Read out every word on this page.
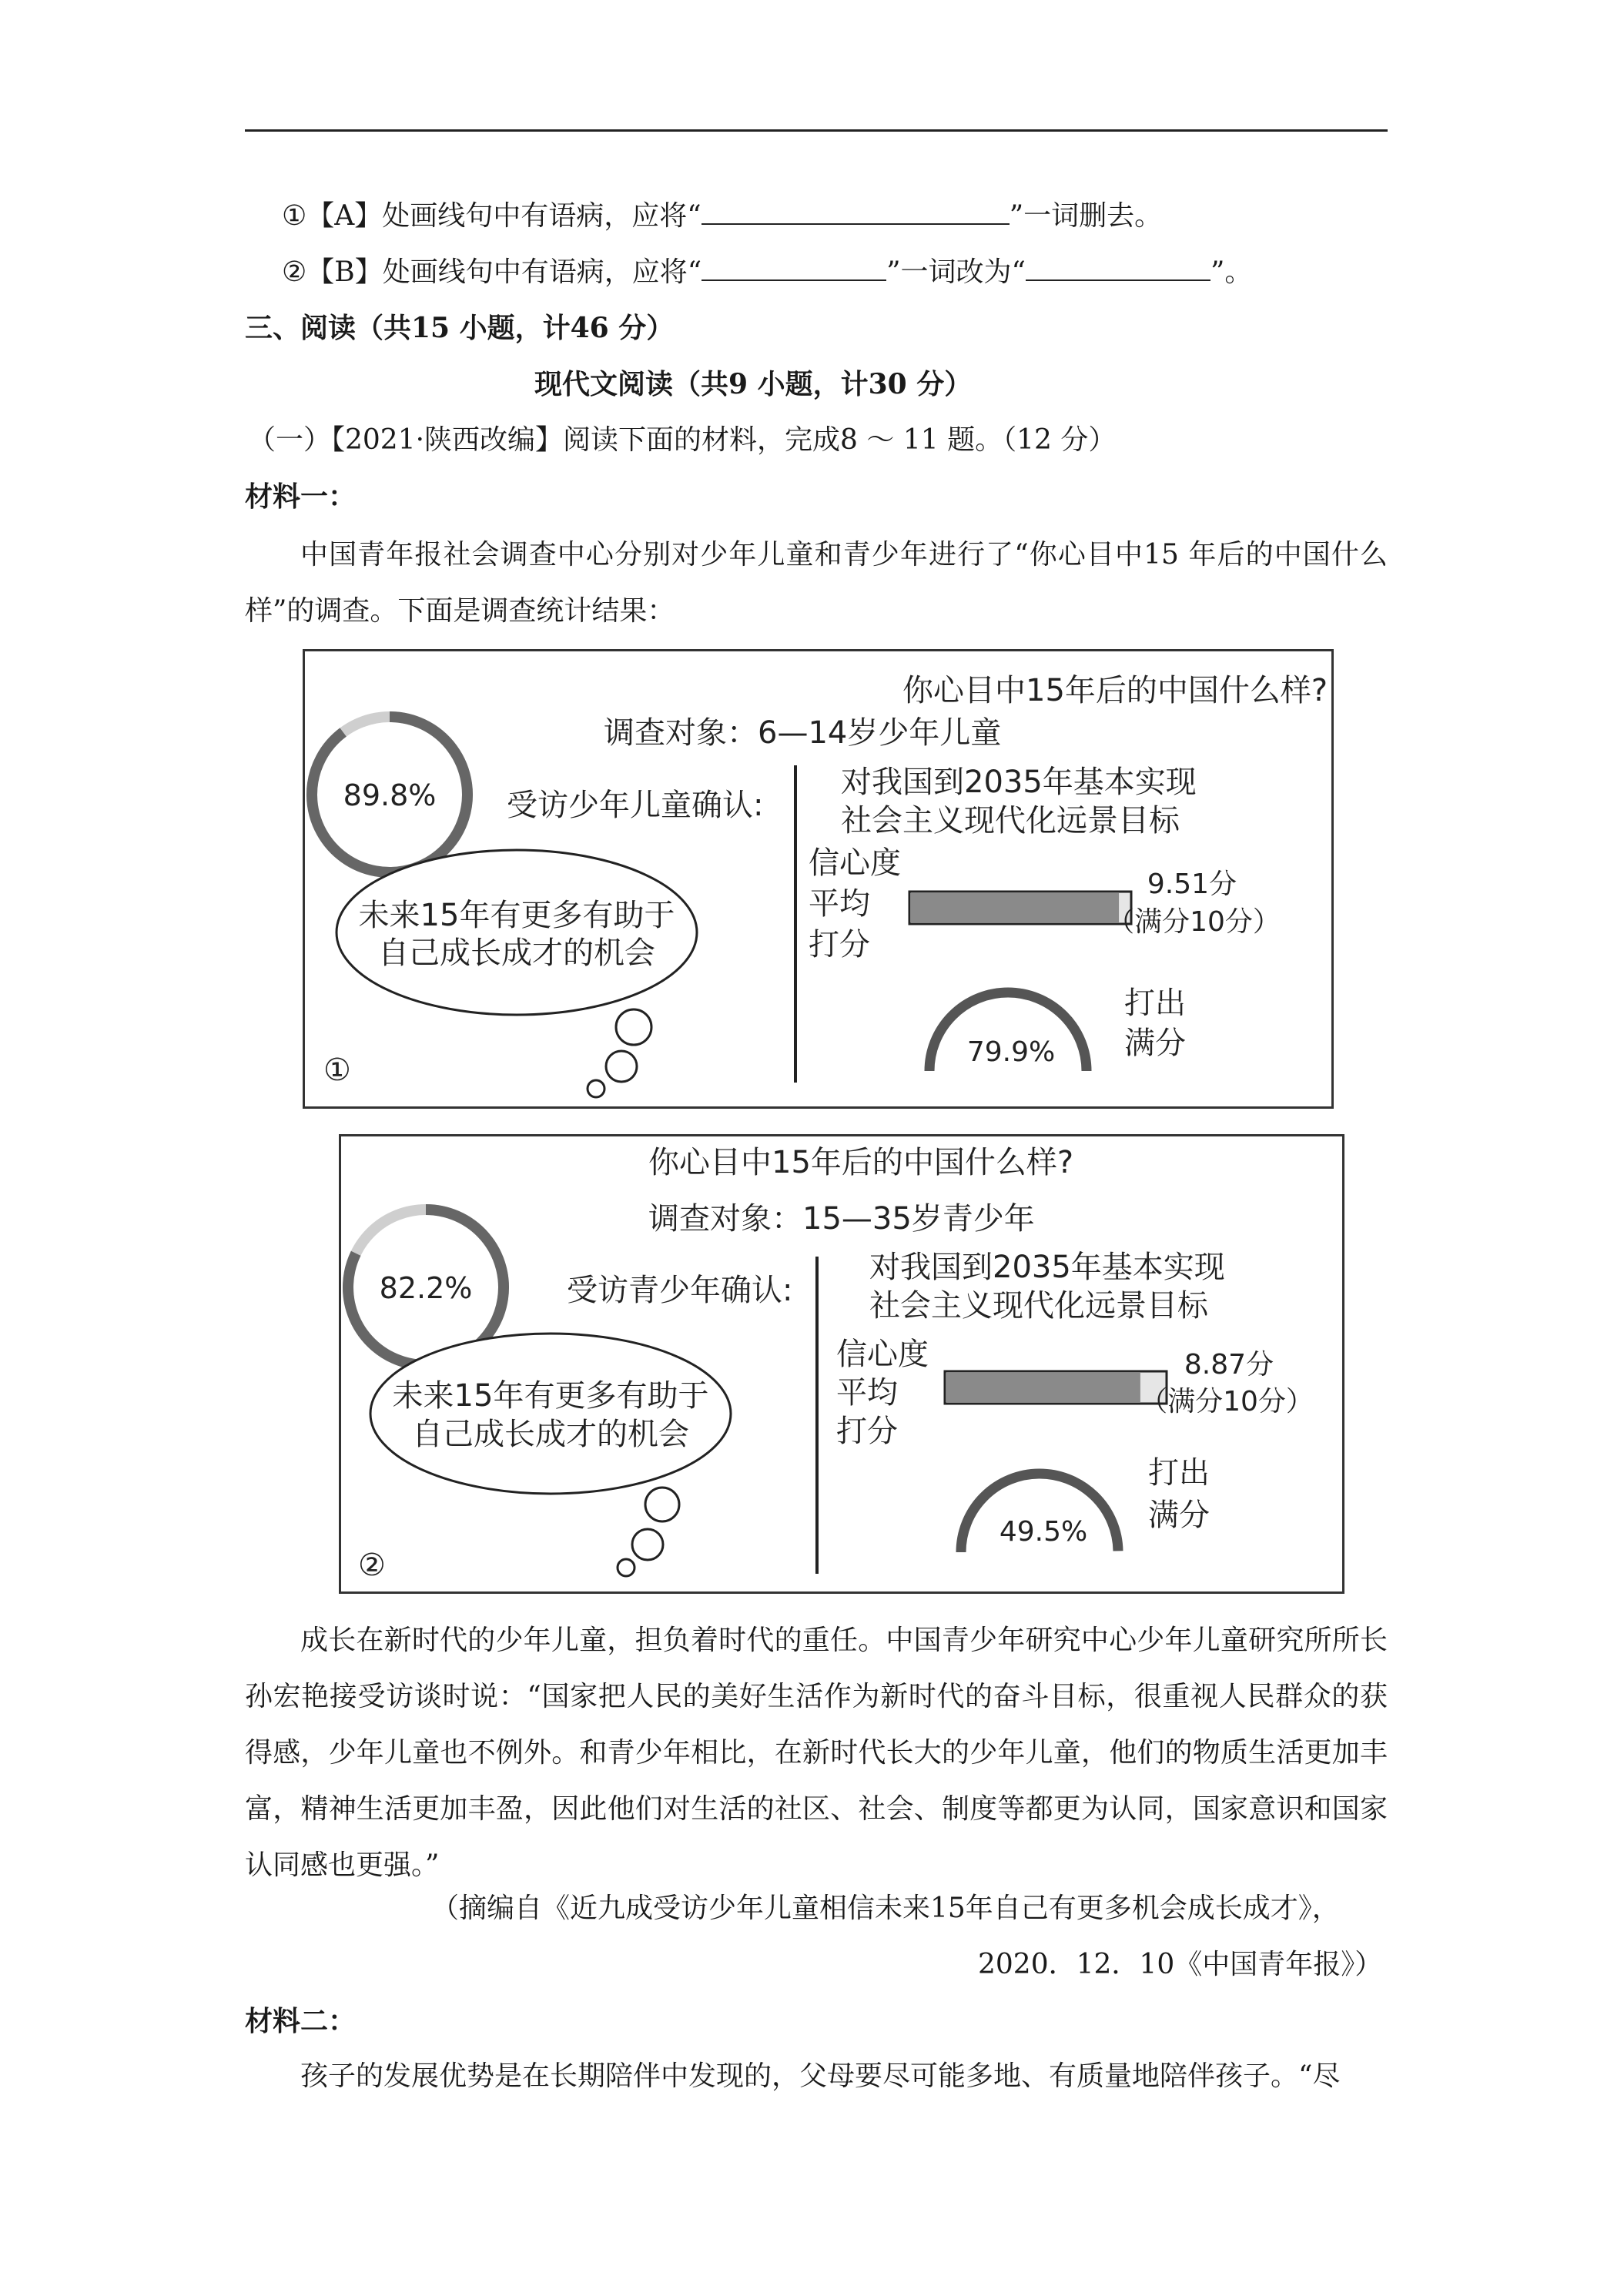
①【A】处画线句中有语病，应将“	”一词删去。
②【B】处画线句中有语病，应将“	”一词改为“	”。
三、阅读（共15 小题，计46 分）
现代文阅读（共9 小题，计30 分）
（一）【2021·陕西改编】阅读下面的材料，完成8 ～ 11 题。（12 分）
材料一：
中国青年报社会调查中心分别对少年儿童和青少年进行了“你心目中15 年后的中国什么样”的调查。下面是调查统计结果：
你心目中15年后的中国什么样?
调查对象：6—14岁少年儿童
89.8% 受访少年儿童确认:
对我国到2035年基本实现
社会主义现代化远景目标
信心度
平均
打分
9.51分
（满分10分）
79.9%
打出
满分
未来15年有更多有助于
自己成长成才的机会
①
你心目中15年后的中国什么样?
调查对象：15—35岁青少年
82.2%	受访青少年确认:
对我国到2035年基本实现
社会主义现代化远景目标
信心度
平均
打分
8.87分
（满分10分）
49.5%
打出
满分
未来15年有更多有助于
自己成长成才的机会
②
成长在新时代的少年儿童，担负着时代的重任。中国青少年研究中心少年儿童研究所所长孙宏艳接受访谈时说：“国家把人民的美好生活作为新时代的奋斗目标，很重视人民群众的获得感，少年儿童也不例外。和青少年相比，在新时代长大的少年儿童，他们的物质生活更加丰富，精神生活更加丰盈，因此他们对生活的社区、社会、制度等都更为认同，国家意识和国家认同感也更强。”
（摘编自《近九成受访少年儿童相信未来15年自己有更多机会成长成才》，
2020．12．10《中国青年报》）
材料二：
孩子的发展优势是在长期陪伴中发现的，父母要尽可能多地、有质量地陪伴孩子。“尽
